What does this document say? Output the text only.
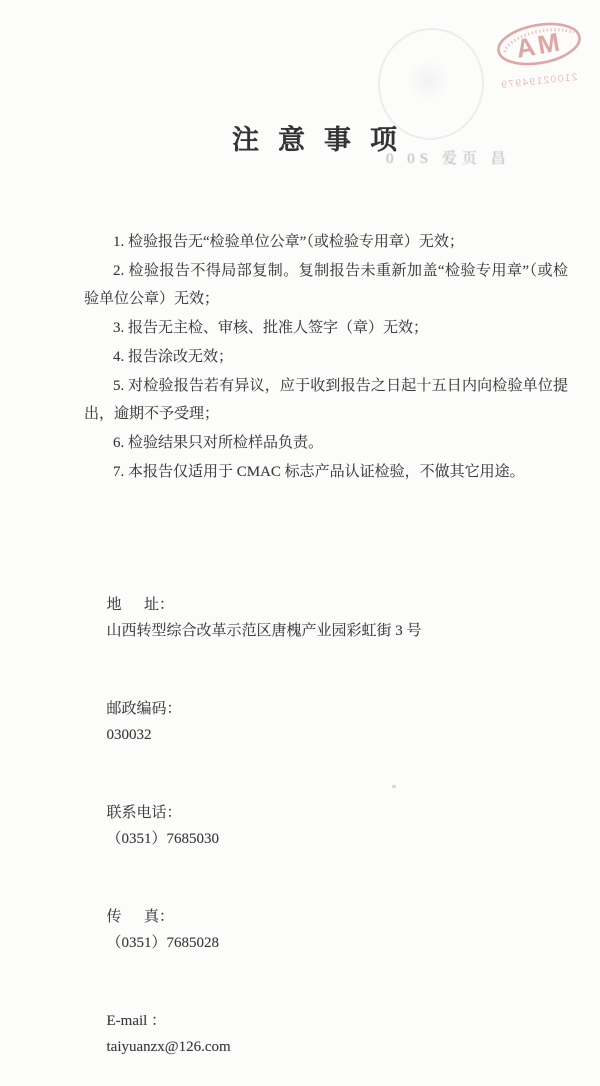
AM
21002194979
注意事项
0 0S 爱页 昌

1. 检验报告无“检验单位公章”（或检验专用章）无效；

2. 检验报告不得局部复制。复制报告未重新加盖“检验专用章”（或检验单位公章）无效；

3. 报告无主检、审核、批准人签字（章）无效；

4. 报告涂改无效；

5. 对检验报告若有异议，应于收到报告之日起十五日内向检验单位提出，逾期不予受理；

6. 检验结果只对所检样品负责。

7. 本报告仅适用于 CMAC 标志产品认证检验，不做其它用途。

地      址：
山西转型综合改革示范区唐槐产业园彩虹街 3 号

邮政编码：
030032

联系电话：
（0351）7685030

传      真：
（0351）7685028

E-mail ：
taiyuanzx@126.com
